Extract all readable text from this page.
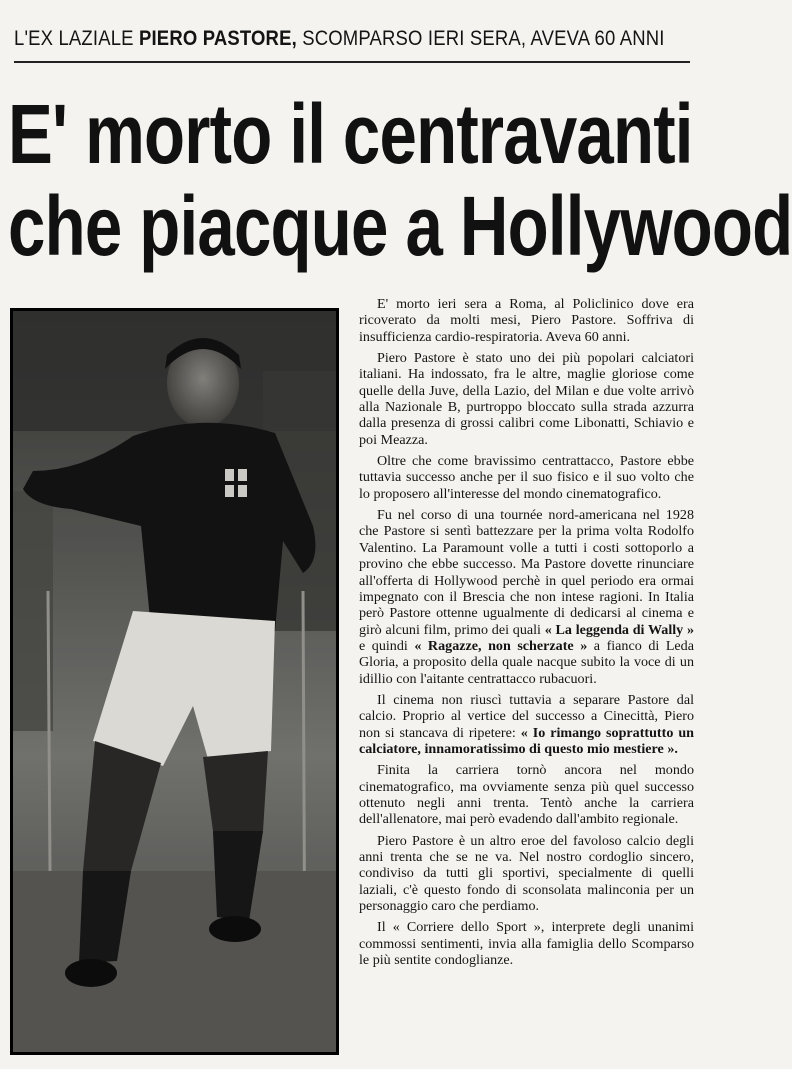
L'EX LAZIALE PIERO PASTORE, SCOMPARSO IERI SERA, AVEVA 60 ANNI
E' morto il centravanti
che piacque a Hollywood

E' morto ieri sera a Roma, al Policlinico dove era ricoverato da molti mesi, Piero Pastore. Soffriva di insufficienza cardio-respiratoria. Aveva 60 anni.

Piero Pastore è stato uno dei più popolari calciatori italiani. Ha indossato, fra le altre, maglie gloriose come quelle della Juve, della Lazio, del Milan e due volte arrivò alla Nazionale B, purtroppo bloccato sulla strada azzurra dalla presenza di grossi calibri come Libonatti, Schiavio e poi Meazza.

Oltre che come bravissimo centrattacco, Pastore ebbe tuttavia successo anche per il suo fisico e il suo volto che lo proposero all'interesse del mondo cinematografico.

Fu nel corso di una tournée nord-americana nel 1928 che Pastore si sentì battezzare per la prima volta Rodolfo Valentino. La Paramount volle a tutti i costi sottoporlo a provino che ebbe successo. Ma Pastore dovette rinunciare all'offerta di Hollywood perchè in quel periodo era ormai impegnato con il Brescia che non intese ragioni. In Italia però Pastore ottenne ugualmente di dedicarsi al cinema e girò alcuni film, primo dei quali « La leggenda di Wally » e quindi « Ragazze, non scherzate » a fianco di Leda Gloria, a proposito della quale nacque subito la voce di un idillio con l'aitante centrattacco rubacuori.

Il cinema non riuscì tuttavia a separare Pastore dal calcio. Proprio al vertice del successo a Cinecittà, Piero non si stancava di ripetere: « Io rimango soprattutto un calciatore, innamoratissimo di questo mio mestiere ».

Finita la carriera tornò ancora nel mondo cinematografico, ma ovviamente senza più quel successo ottenuto negli anni trenta. Tentò anche la carriera dell'allenatore, mai però evadendo dall'ambito regionale.

Piero Pastore è un altro eroe del favoloso calcio degli anni trenta che se ne va. Nel nostro cordoglio sincero, condiviso da tutti gli sportivi, specialmente di quelli laziali, c'è questo fondo di sconsolata malinconia per un personaggio caro che perdiamo.

Il « Corriere dello Sport », interprete degli unanimi commossi sentimenti, invia alla famiglia dello Scomparso le più sentite condoglianze.
